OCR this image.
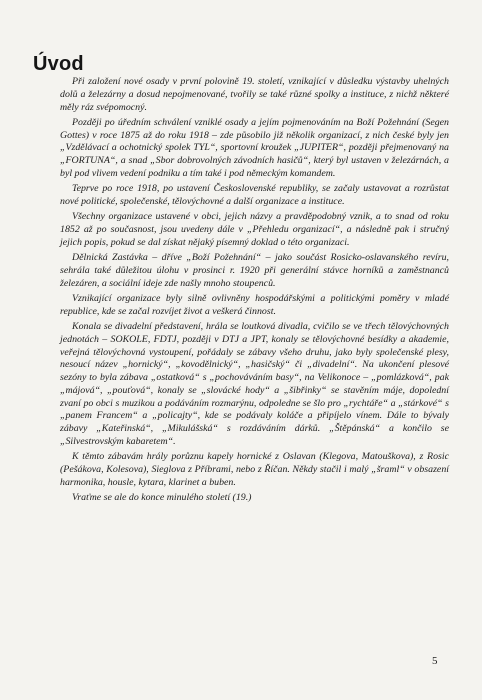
Úvod

Při založení nové osady v první polovině 19. století, vznikající v důsledku výstavby uhelných dolů a železárny a dosud nepojmenované, tvořily se také různé spolky a instituce, z nichž některé měly ráz svépomocný.

Později po úředním schválení vzniklé osady a jejím pojmenováním na Boží Požehnání (Segen Gottes) v roce 1875 až do roku 1918 – zde působilo již několik organizací, z nich české byly jen „Vzdělávací a ochotnický spolek TYL“, sportovní kroužek „JUPITER“, později přejmenovaný na „FORTUNA“, a snad „Sbor dobrovolných závodních hasičů“, který byl ustaven v železárnách, a byl pod vlivem vedení podniku a tím také i pod německým komandem.

Teprve po roce 1918, po ustavení Československé republiky, se začaly ustavovat a rozrůstat nové politické, společenské, tělovýchovné a další organizace a instituce.

Všechny organizace ustavené v obci, jejich názvy a pravděpodobný vznik, a to snad od roku 1852 až po současnost, jsou uvedeny dále v „Přehledu organizací“, a následně pak i stručný jejich popis, pokud se dal získat nějaký písemný doklad o této organizaci.

Dělnická Zastávka – dříve „Boží Požehnání“ – jako součást Rosicko-oslavanského revíru, sehrála také důležitou úlohu v prosinci r. 1920 při generální stávce horníků a zaměstnanců železáren, a sociální ideje zde našly mnoho stoupenců.

Vznikající organizace byly silně ovlivněny hospodářskými a politickými poměry v mladé republice, kde se začal rozvíjet život a veškerá činnost.

Konala se divadelní představení, hrála se loutková divadla, cvičilo se ve třech tělovýchovných jednotách – SOKOLE, FDTJ, později v DTJ a JPT, konaly se tělovýchovné besídky a akademie, veřejná tělovýchovná vystoupení, pořádaly se zábavy všeho druhu, jako byly společenské plesy, nesoucí název „hornický“, „kovodělnický“, „hasičský“ či „divadelní“. Na ukončení plesové sezóny to byla zábava „ostatková“ s „pochováváním basy“, na Velikonoce – „pomlázková“, pak „májová“, „pouťová“, konaly se „slovácké hody“ a „šibřinky“ se stavěním máje, dopolední zvaní po obci s muzikou a podáváním rozmarýnu, odpoledne se šlo pro „rychtáře“ a „stárkové“ s „panem Francem“ a „policajty“, kde se podávaly koláče a připíjelo vínem. Dále to bývaly zábavy „Kateřinská“, „Mikulášská“ s rozdáváním dárků. „Štěpánská“ a končilo se „Silvestrovským kabaretem“.

K těmto zábavám hrály porůznu kapely hornické z Oslavan (Klegova, Matouškova), z Rosic (Pešákova, Kolesova), Sieglova z Příbrami, nebo z Říčan. Někdy stačil i malý „šraml“ v obsazení harmonika, housle, kytara, klarinet a buben.

Vraťme se ale do konce minulého století (19.)

5
